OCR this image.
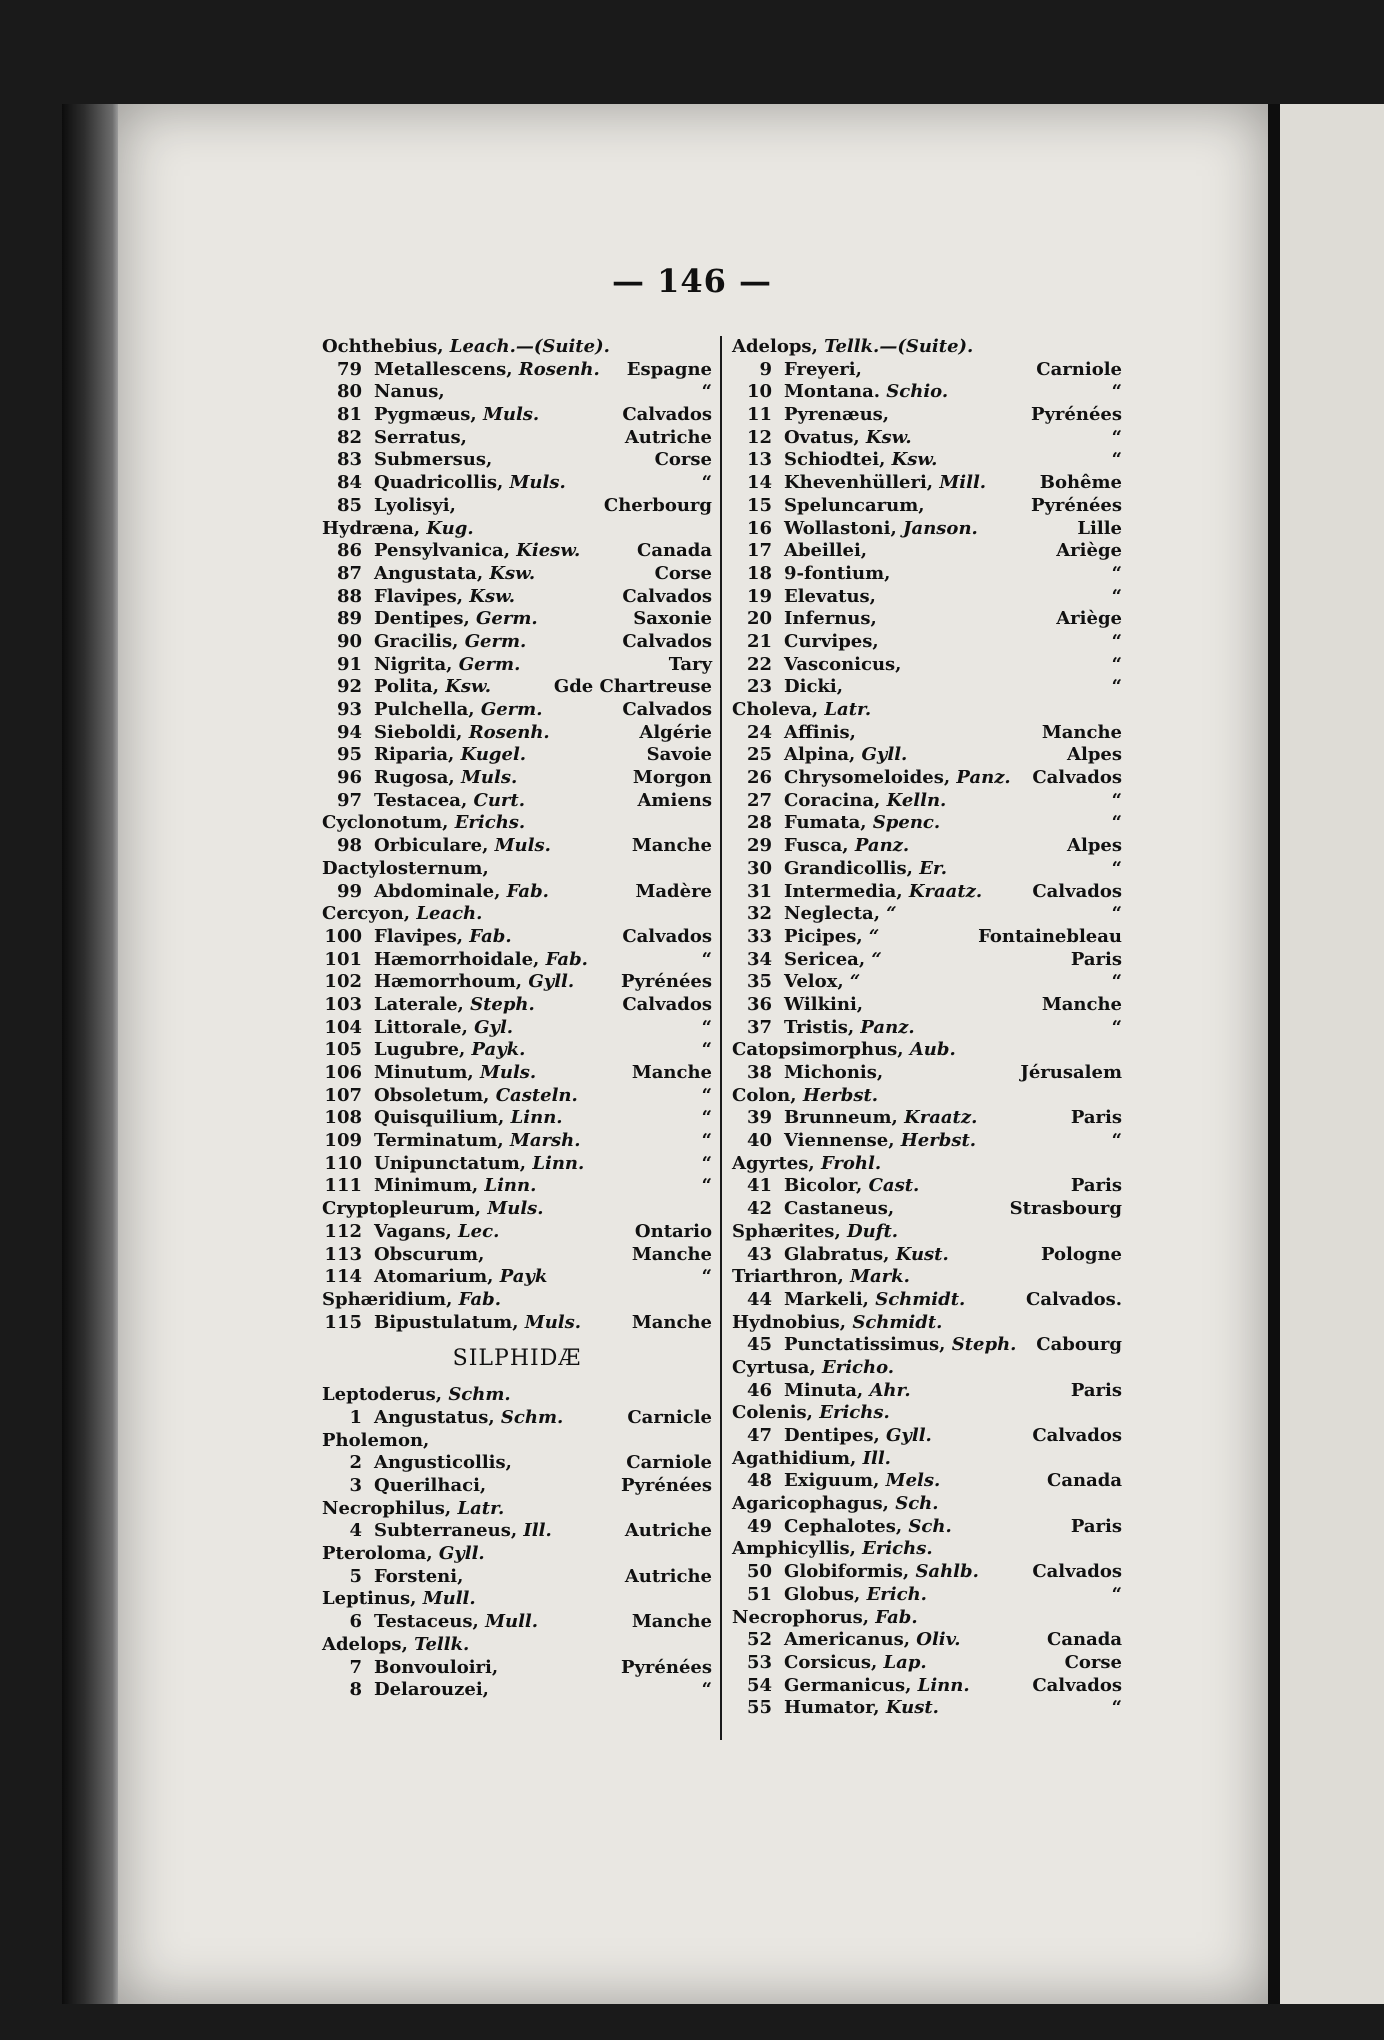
— 146 —
Ochthebius, Leach.—(Suite).
79 Metallescens, Rosenh. Espagne
80 Nanus,	“
81 Pygmæus, Muls.	Calvados
82 Serratus,	Autriche
83 Submersus,	Corse
84 Quadricollis, Muls.	“
85 Lyolisyi,	Cherbourg
Hydræna, Kug.
86 Pensylvanica, Kiesw.	Canada
87 Angustata, Ksw.	Corse
88 Flavipes, Ksw.	Calvados
89 Dentipes, Germ.	Saxonie
90 Gracilis, Germ.	Calvados
91 Nigrita, Germ.	Tary
92 Polita, Ksw.	Gde Chartreuse
93 Pulchella, Germ.	Calvados
94 Sieboldi, Rosenh.	Algérie
95 Riparia, Kugel.	Savoie
96 Rugosa, Muls.	Morgon
97 Testacea, Curt.	Amiens
Cyclonotum, Erichs.
98 Orbiculare, Muls.	Manche
Dactylosternum,
99 Abdominale, Fab.	Madère
Cercyon, Leach.
100 Flavipes, Fab.	Calvados
101 Hæmorrhoidale, Fab.	“
102 Hæmorrhoum, Gyll.	Pyrénées
103 Laterale, Steph.	Calvados
104 Littorale, Gyl.	“
105 Lugubre, Payk.	“
106 Minutum, Muls.	Manche
107 Obsoletum, Casteln.	“
108 Quisquilium, Linn.	“
109 Terminatum, Marsh.	“
110 Unipunctatum, Linn.	“
111 Minimum, Linn.	“
Cryptopleurum, Muls.
112 Vagans, Lec.	Ontario
113 Obscurum,	Manche
114 Atomarium, Payk	“
Sphæridium, Fab.
115 Bipustulatum, Muls.	Manche
SILPHIDÆ
Leptoderus, Schm.
1 Angustatus, Schm.	Carnicle
Pholemon,
2 Angusticollis,	Carniole
3 Querilhaci,	Pyrénées
Necrophilus, Latr.
4 Subterraneus, Ill.	Autriche
Pteroloma, Gyll.
5 Forsteni,	Autriche
Leptinus, Mull.
6 Testaceus, Mull.	Manche
Adelops, Tellk.
7 Bonvouloiri,	Pyrénées
8 Delarouzei,	“
Adelops, Tellk.—(Suite).
9 Freyeri,	Carniole
10 Montana. Schio.	“
11 Pyrenæus,	Pyrénées
12 Ovatus, Ksw.	“
13 Schiodtei, Ksw.	“
14 Khevenhülleri, Mill.	Bohême
15 Speluncarum,	Pyrénées
16 Wollastoni, Janson.	Lille
17 Abeillei,	Ariège
18 9-fontium,	“
19 Elevatus,	“
20 Infernus,	Ariège
21 Curvipes,	“
22 Vasconicus,	“
23 Dicki,	“
Choleva, Latr.
24 Affinis,	Manche
25 Alpina, Gyll.	Alpes
26 Chrysomeloides, Panz. Calvados
27 Coracina, Kelln.	“
28 Fumata, Spenc.	“
29 Fusca, Panz.	Alpes
30 Grandicollis, Er.	“
31 Intermedia, Kraatz.	Calvados
32 Neglecta, “	“
33 Picipes, “	Fontainebleau
34 Sericea, “	Paris
35 Velox, “	“
36 Wilkini,	Manche
37 Tristis, Panz.	“
Catopsimorphus, Aub.
38 Michonis,	Jérusalem
Colon, Herbst.
39 Brunneum, Kraatz.	Paris
40 Viennense, Herbst.	“
Agyrtes, Frohl.
41 Bicolor, Cast.	Paris
42 Castaneus,	Strasbourg
Sphærites, Duft.
43 Glabratus, Kust.	Pologne
Triarthron, Mark.
44 Markeli, Schmidt.	Calvados.
Hydnobius, Schmidt.
45 Punctatissimus, Steph. Cabourg
Cyrtusa, Ericho.
46 Minuta, Ahr.	Paris
Colenis, Erichs.
47 Dentipes, Gyll.	Calvados
Agathidium, Ill.
48 Exiguum, Mels.	Canada
Agaricophagus, Sch.
49 Cephalotes, Sch.	Paris
Amphicyllis, Erichs.
50 Globiformis, Sahlb.	Calvados
51 Globus, Erich.	“
Necrophorus, Fab.
52 Americanus, Oliv.	Canada
53 Corsicus, Lap.	Corse
54 Germanicus, Linn.	Calvados
55 Humator, Kust.	“
